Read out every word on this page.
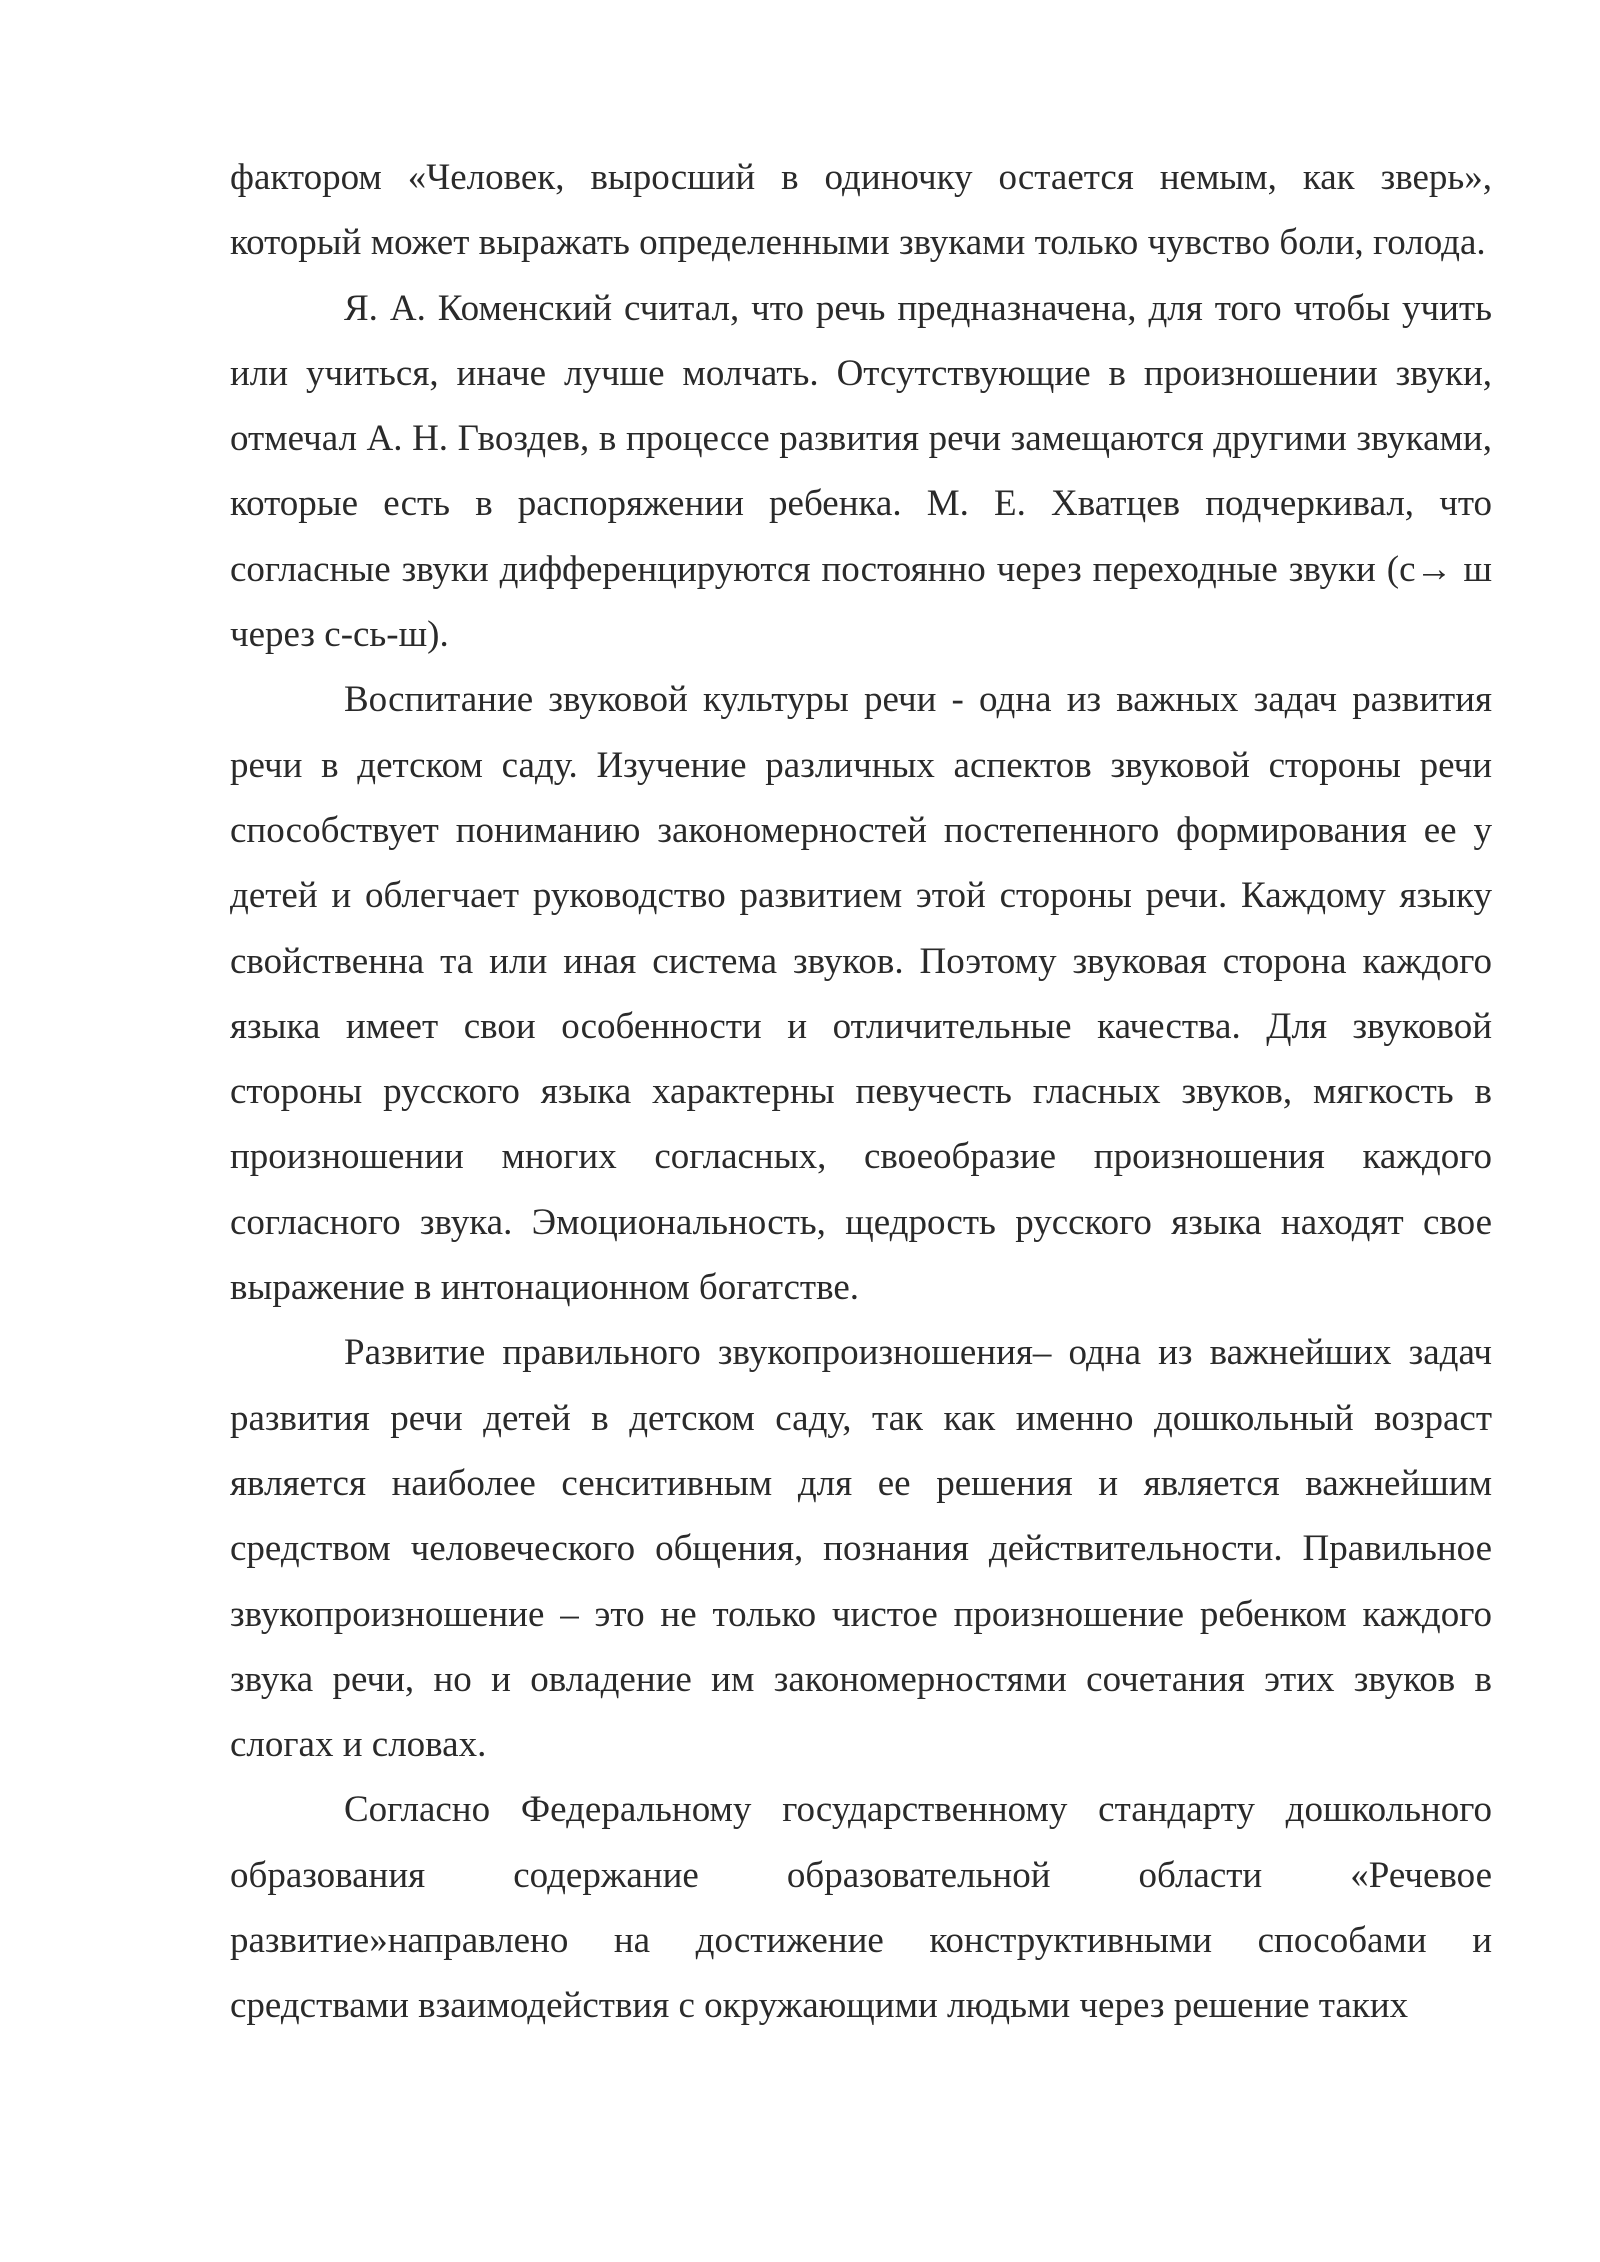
фактором «Человек, выросший в одиночку остается немым, как зверь», который может выражать определенными звуками только чувство боли, голода.

Я. А. Коменский считал, что речь предназначена, для того чтобы учить или учиться, иначе лучше молчать. Отсутствующие в произношении звуки, отмечал А. Н. Гвоздев, в процессе развития речи замещаются другими звуками, которые есть в распоряжении ребенка. М. Е. Хватцев подчеркивал, что согласные звуки дифференцируются постоянно через переходные звуки (с→ ш через с-сь-ш).

Воспитание звуковой культуры речи - одна из важных задач развития речи в детском саду. Изучение различных аспектов звуковой стороны речи способствует пониманию закономерностей постепенного формирования ее у детей и облегчает руководство развитием этой стороны речи. Каждому языку свойственна та или иная система звуков. Поэтому звуковая сторона каждого языка имеет свои особенности и отличительные качества. Для звуковой стороны русского языка характерны певучесть гласных звуков, мягкость в произношении многих согласных, своеобразие произношения каждого согласного звука. Эмоциональность, щедрость русского языка находят свое выражение в интонационном богатстве.

Развитие правильного звукопроизношения– одна из важнейших задач развития речи детей в детском саду, так как именно дошкольный возраст является наиболее сенситивным для ее решения и является важнейшим средством человеческого общения, познания действительности. Правильное звукопроизношение – это не только чистое произношение ребенком каждого звука речи, но и овладение им закономерностями сочетания этих звуков в слогах и словах.

Согласно Федеральному государственному стандарту дошкольного образования содержание образовательной области «Речевое развитие»направлено на достижение конструктивными способами и средствами взаимодействия с окружающими людьми через решение таких
